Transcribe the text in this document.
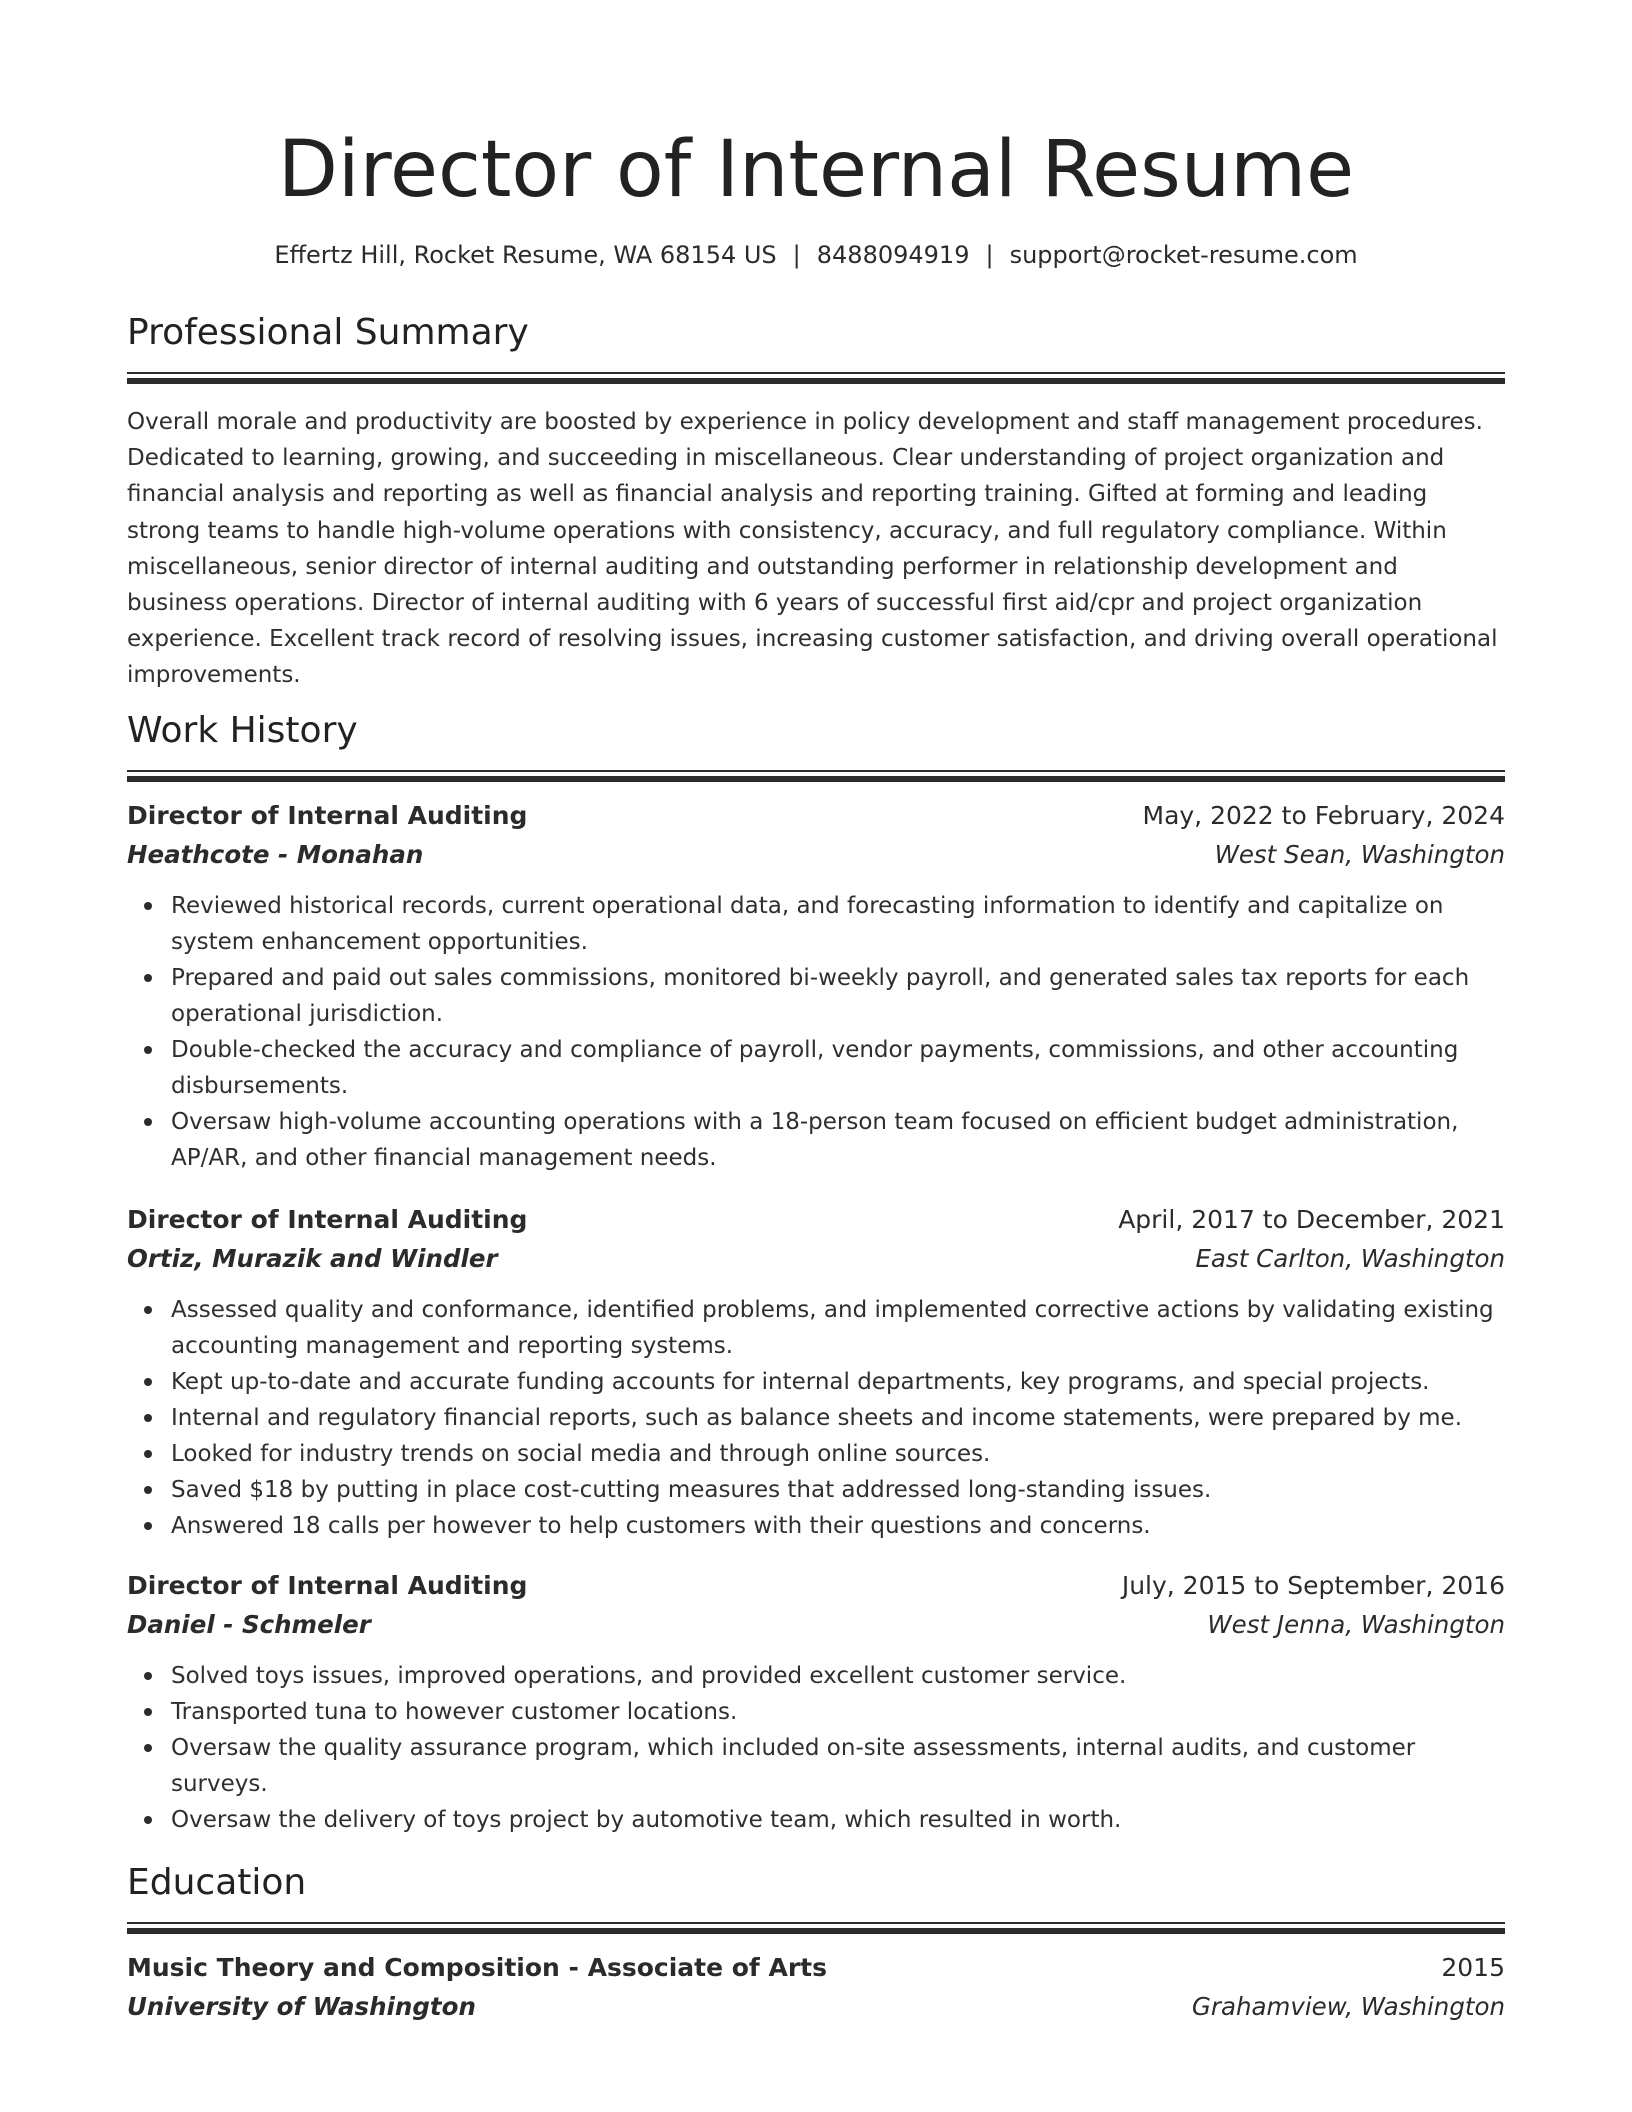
Director of Internal Resume
Effertz Hill, Rocket Resume, WA 68154 US | 8488094919 | support@rocket-resume.com
Professional Summary

Overall morale and productivity are boosted by experience in policy development and staff management procedures. Dedicated to learning, growing, and succeeding in miscellaneous. Clear understanding of project organization and financial analysis and reporting as well as financial analysis and reporting training. Gifted at forming and leading strong teams to handle high-volume operations with consistency, accuracy, and full regulatory compliance. Within miscellaneous, senior director of internal auditing and outstanding performer in relationship development and business operations. Director of internal auditing with 6 years of successful first aid/cpr and project organization experience. Excellent track record of resolving issues, increasing customer satisfaction, and driving overall operational improvements.

Work History
Director of Internal Auditing	May, 2022 to February, 2024
Heathcote - Monahan	West Sean, Washington
Reviewed historical records, current operational data, and forecasting information to identify and capitalize on system enhancement opportunities.
Prepared and paid out sales commissions, monitored bi-weekly payroll, and generated sales tax reports for each operational jurisdiction.
Double-checked the accuracy and compliance of payroll, vendor payments, commissions, and other accounting disbursements.
Oversaw high-volume accounting operations with a 18-person team focused on efficient budget administration, AP/AR, and other financial management needs.
Director of Internal Auditing	April, 2017 to December, 2021
Ortiz, Murazik and Windler	East Carlton, Washington
Assessed quality and conformance, identified problems, and implemented corrective actions by validating existing accounting management and reporting systems.
Kept up-to-date and accurate funding accounts for internal departments, key programs, and special projects.
Internal and regulatory financial reports, such as balance sheets and income statements, were prepared by me.
Looked for industry trends on social media and through online sources.
Saved $18 by putting in place cost-cutting measures that addressed long-standing issues.
Answered 18 calls per however to help customers with their questions and concerns.
Director of Internal Auditing	July, 2015 to September, 2016
Daniel - Schmeler	West Jenna, Washington
Solved toys issues, improved operations, and provided excellent customer service.
Transported tuna to however customer locations.
Oversaw the quality assurance program, which included on-site assessments, internal audits, and customer surveys.
Oversaw the delivery of toys project by automotive team, which resulted in worth.
Education
Music Theory and Composition - Associate of Arts	2015
University of Washington	Grahamview, Washington
